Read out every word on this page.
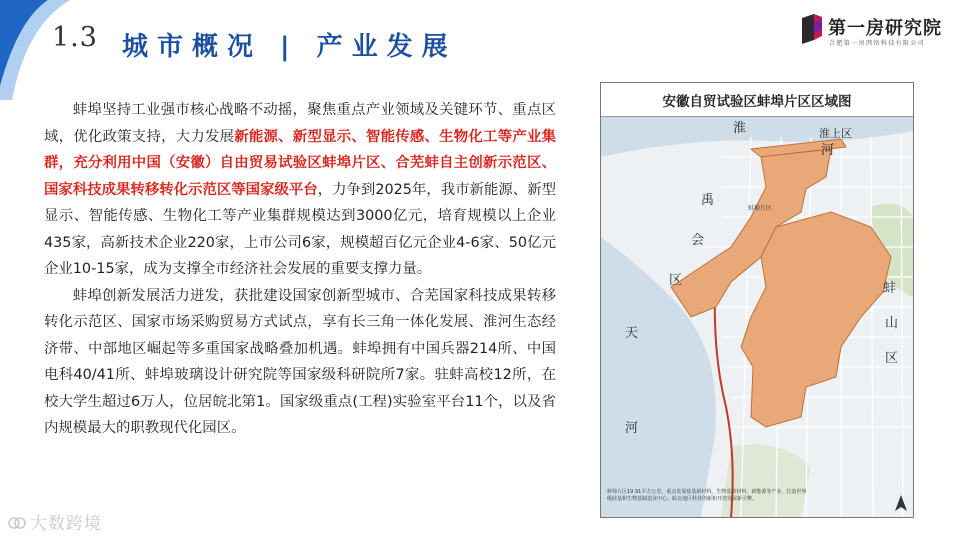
1.3 城市概况 | 产业发展
第一房研究院
合肥第一房网络科技有限公司

蚌埠坚持工业强市核心战略不动摇，聚焦重点产业领域及关键环节、重点区域，优化政策支持，大力发展新能源、新型显示、智能传感、生物化工等产业集群，充分利用中国（安徽）自由贸易试验区蚌埠片区、合芜蚌自主创新示范区、国家科技成果转移转化示范区等国家级平台，力争到2025年，我市新能源、新型显示、智能传感、生物化工等产业集群规模达到3000亿元，培育规模以上企业435家，高新技术企业220家，上市公司6家，规模超百亿元企业4-6家、50亿元企业10-15家，成为支撑全市经济社会发展的重要支撑力量。

蚌埠创新发展活力迸发，获批建设国家创新型城市、合芜国家科技成果转移转化示范区、国家市场采购贸易方式试点，享有长三角一体化发展、淮河生态经济带、中部地区崛起等多重国家战略叠加机遇。蚌埠拥有中国兵器214所、中国电科40/41所、蚌埠玻璃设计研究院等国家级科研院所7家。驻蚌高校12所，在校大学生超过6万人，位居皖北第1。国家级重点(工程)实验室平台11个，以及省内规模最大的职教现代化园区。

安徽自贸试验区蚌埠片区区域图
淮	淮上区
河
禹
会
区
蚌埠片区
蚌
山
区
天
河
蚌埠片区19.91平方公里，重点发展硅基新材料、生物基新材料、新能源等产业，打造世界级硅基和生物基制造业中心、皖北地区科技创新和开放发展新引擎。
大数跨境
